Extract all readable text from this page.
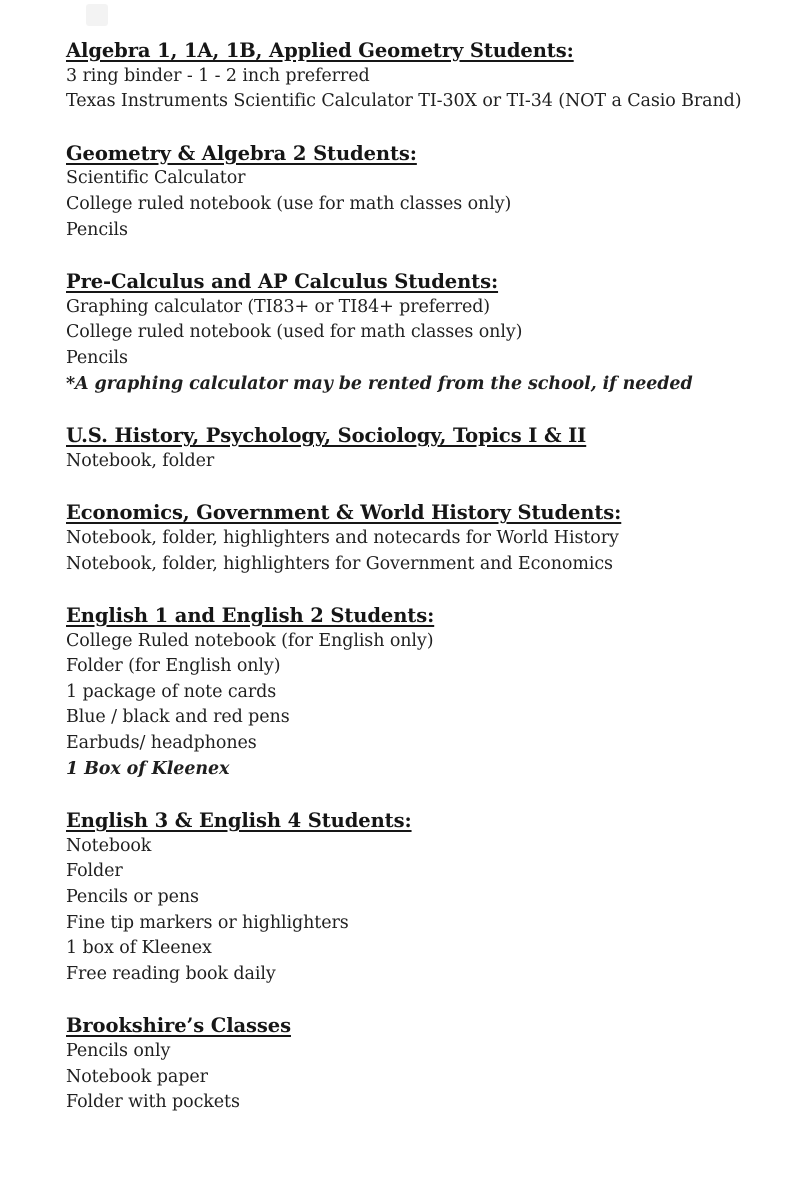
Algebra 1, 1A, 1B, Applied Geometry Students:
3 ring binder - 1 - 2 inch preferred
Texas Instruments Scientific Calculator TI-30X or TI-34 (NOT a Casio Brand)
Geometry & Algebra 2 Students:
Scientific Calculator
College ruled notebook (use for math classes only)
Pencils
Pre-Calculus and AP Calculus Students:
Graphing calculator (TI83+ or TI84+ preferred)
College ruled notebook (used for math classes only)
Pencils
*A graphing calculator may be rented from the school, if needed
U.S. History, Psychology, Sociology, Topics I & II
Notebook, folder
Economics, Government & World History Students:
Notebook, folder, highlighters and notecards for World History
Notebook, folder, highlighters for Government and Economics
English 1 and English 2 Students:
College Ruled notebook (for English only)
Folder (for English only)
1 package of note cards
Blue / black and red pens
Earbuds/ headphones
1 Box of Kleenex
English 3 & English 4 Students:
Notebook
Folder
Pencils or pens
Fine tip markers or highlighters
1 box of Kleenex
Free reading book daily
Brookshire’s Classes
Pencils only
Notebook paper
Folder with pockets
